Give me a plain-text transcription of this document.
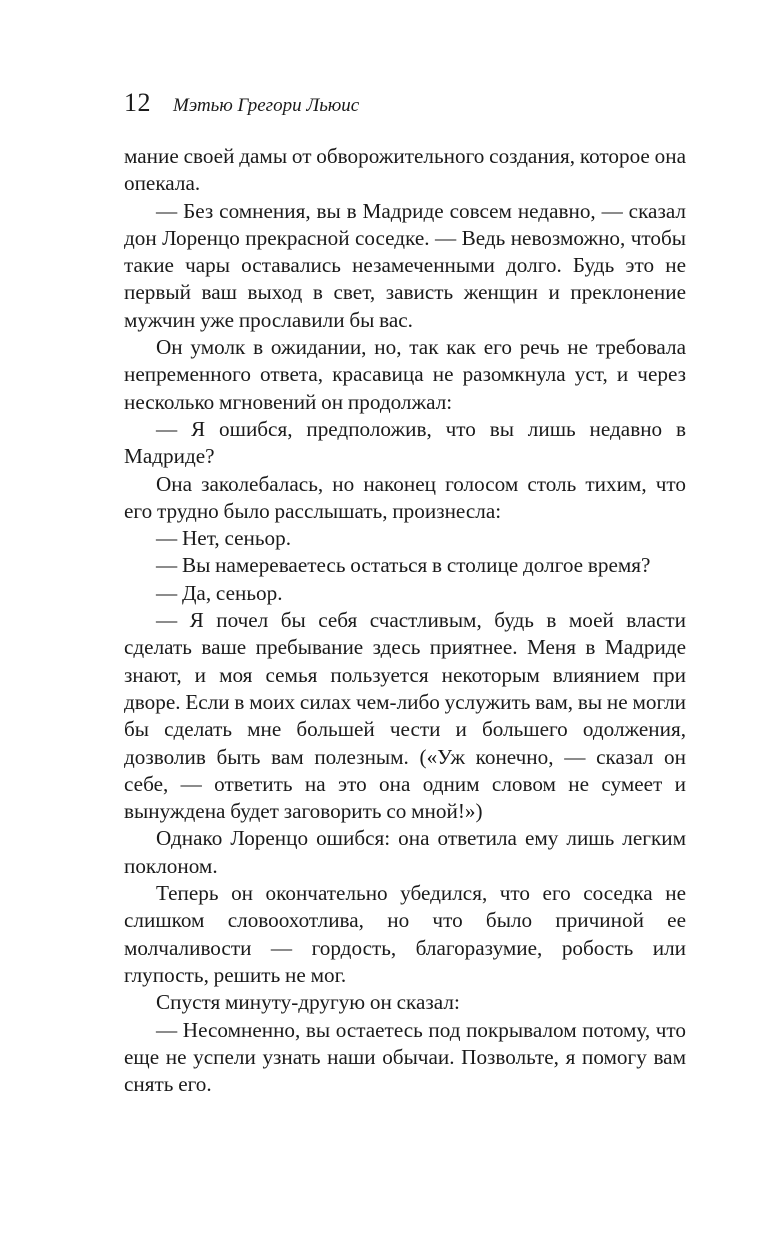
12 Мэтью Грегори Льюис

мание своей дамы от обворожительного создания, которое она опекала.

— Без сомнения, вы в Мадриде совсем недавно, — сказал дон Лоренцо прекрасной соседке. — Ведь невозможно, чтобы такие чары оставались незамеченными долго. Будь это не первый ваш выход в свет, зависть женщин и преклонение мужчин уже прославили бы вас.

Он умолк в ожидании, но, так как его речь не требовала непременного ответа, красавица не разомкнула уст, и через несколько мгновений он продолжал:

— Я ошибся, предположив, что вы лишь недавно в Мадриде?

Она заколебалась, но наконец голосом столь тихим, что его трудно было расслышать, произнесла:

— Нет, сеньор.

— Вы намереваетесь остаться в столице долгое время?

— Да, сеньор.

— Я почел бы себя счастливым, будь в моей власти сделать ваше пребывание здесь приятнее. Меня в Мадриде знают, и моя семья пользуется некоторым влиянием при дворе. Если в моих силах чем-либо услужить вам, вы не могли бы сделать мне большей чести и большего одолжения, дозволив быть вам полезным. («Уж конечно, — сказал он себе, — ответить на это она одним словом не сумеет и вынуждена будет заговорить со мной!»)

Однако Лоренцо ошибся: она ответила ему лишь легким поклоном.

Теперь он окончательно убедился, что его соседка не слишком словоохотлива, но что было причиной ее молчаливости — гордость, благоразумие, робость или глупость, решить не мог.

Спустя минуту-другую он сказал:

— Несомненно, вы остаетесь под покрывалом потому, что еще не успели узнать наши обычаи. Позвольте, я помогу вам снять его.
